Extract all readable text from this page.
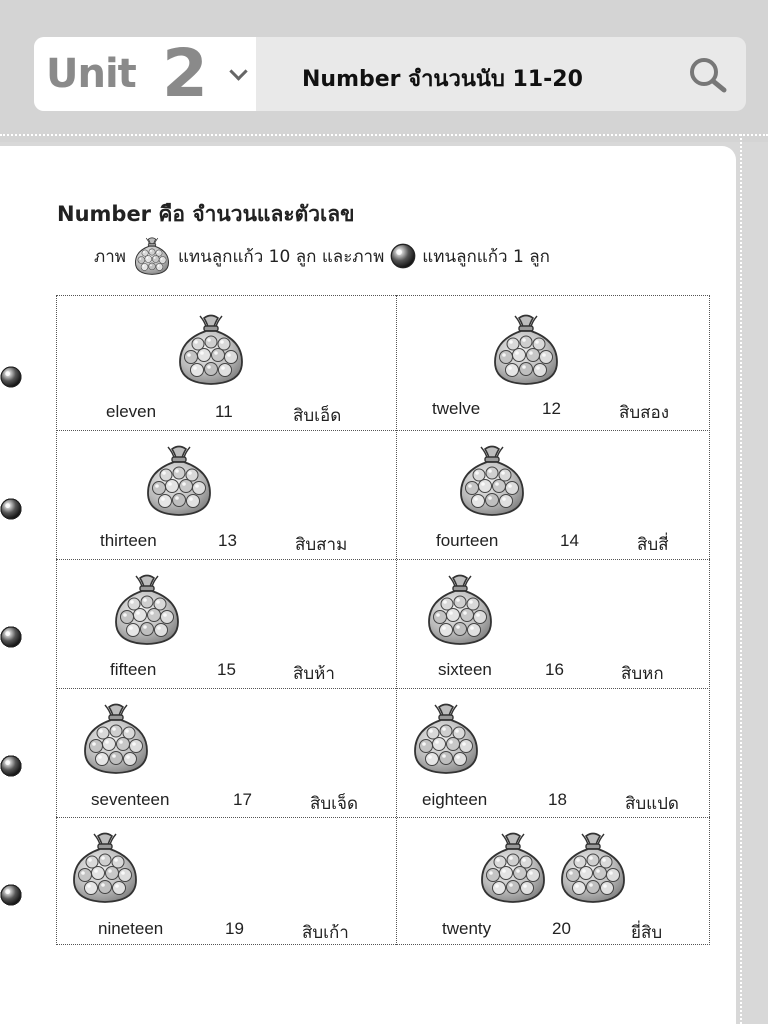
Unit 2	Number จำนวนนับ 11-20
Number คือ จำนวนและตัวเลข
ภาพ	แทนลูกแก้ว 10 ลูก และภาพ แทนลูกแก้ว 1 ลูก
eleven	11	สิบเอ็ด	twelve	12	สิบสอง
thirteen	13	สิบสาม	fourteen	14	สิบสี่
fifteen	15	สิบห้า	sixteen	16	สิบหก
seventeen	17	สิบเจ็ด	eighteen	18	สิบแปด
nineteen	19	สิบเก้า	twenty	20	ยี่สิบ
